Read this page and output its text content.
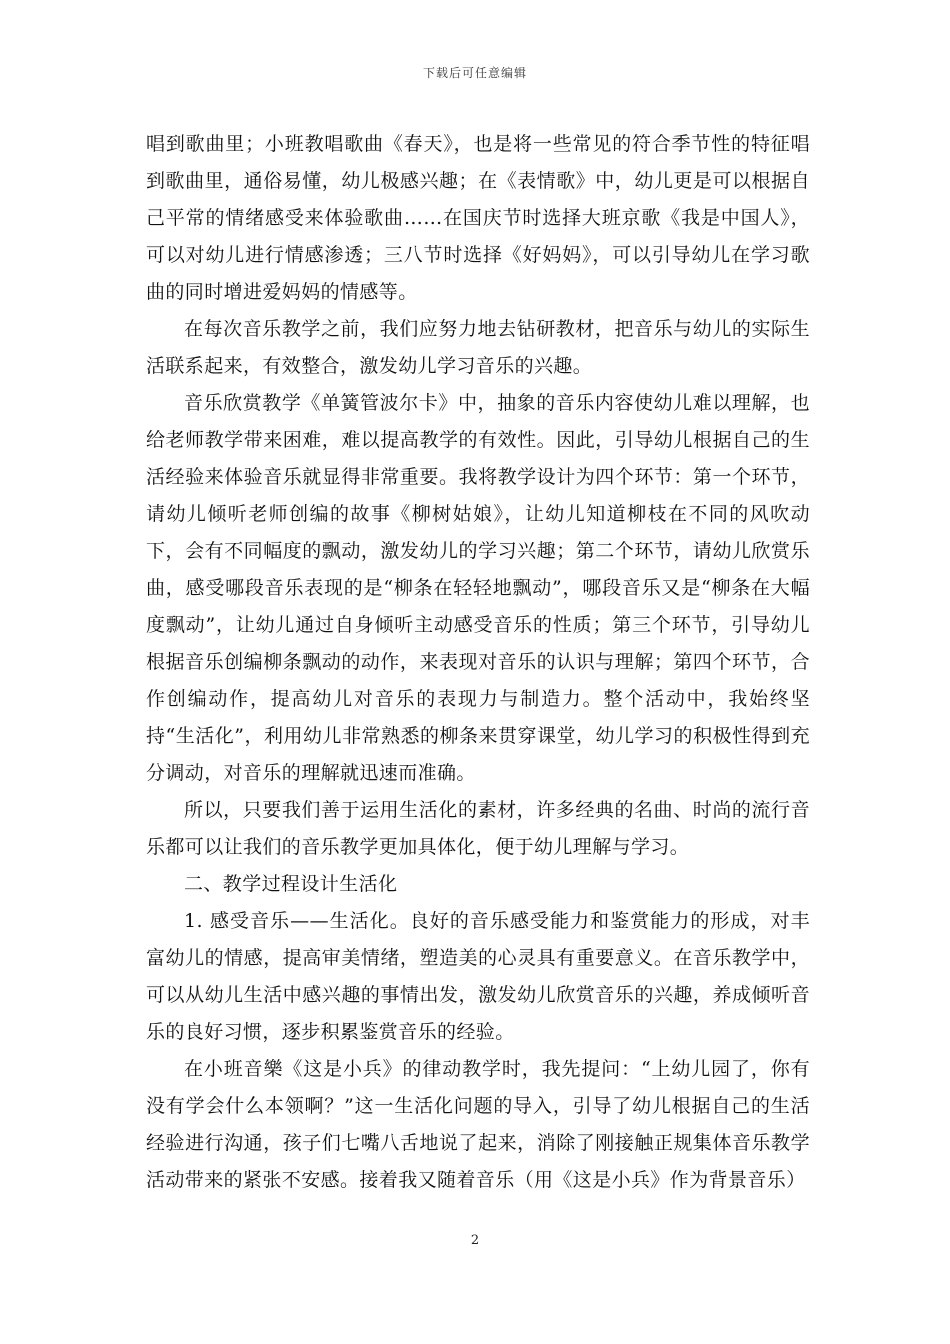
下载后可任意编辑

唱到歌曲里；小班教唱歌曲《春天》，也是将一些常见的符合季节性的特征唱到歌曲里，通俗易懂，幼儿极感兴趣；在《表情歌》中，幼儿更是可以根据自己平常的情绪感受来体验歌曲……在国庆节时选择大班京歌《我是中国人》，可以对幼儿进行情感渗透；三八节时选择《好妈妈》，可以引导幼儿在学习歌曲的同时增进爱妈妈的情感等。

在每次音乐教学之前，我们应努力地去钻研教材，把音乐与幼儿的实际生活联系起来，有效整合，激发幼儿学习音乐的兴趣。

音乐欣赏教学《单簧管波尔卡》中，抽象的音乐内容使幼儿难以理解，也给老师教学带来困难，难以提高教学的有效性。因此，引导幼儿根据自己的生活经验来体验音乐就显得非常重要。我将教学设计为四个环节：第一个环节，请幼儿倾听老师创编的故事《柳树姑娘》，让幼儿知道柳枝在不同的风吹动下，会有不同幅度的飘动，激发幼儿的学习兴趣；第二个环节，请幼儿欣赏乐曲，感受哪段音乐表现的是“柳条在轻轻地飘动”，哪段音乐又是“柳条在大幅度飘动”，让幼儿通过自身倾听主动感受音乐的性质；第三个环节，引导幼儿根据音乐创编柳条飘动的动作，来表现对音乐的认识与理解；第四个环节，合作创编动作，提高幼儿对音乐的表现力与制造力。整个活动中，我始终坚持“生活化”，利用幼儿非常熟悉的柳条来贯穿课堂，幼儿学习的积极性得到充分调动，对音乐的理解就迅速而准确。

所以，只要我们善于运用生活化的素材，许多经典的名曲、时尚的流行音乐都可以让我们的音乐教学更加具体化，便于幼儿理解与学习。

二、教学过程设计生活化

1. 感受音乐——生活化。良好的音乐感受能力和鉴赏能力的形成，对丰富幼儿的情感，提高审美情绪，塑造美的心灵具有重要意义。在音乐教学中，可以从幼儿生活中感兴趣的事情出发，激发幼儿欣赏音乐的兴趣，养成倾听音乐的良好习惯，逐步积累鉴赏音乐的经验。

在小班音樂《这是小兵》的律动教学时，我先提问：“上幼儿园了，你有没有学会什么本领啊？”这一生活化问题的导入，引导了幼儿根据自己的生活经验进行沟通，孩子们七嘴八舌地说了起来，消除了刚接触正规集体音乐教学活动带来的紧张不安感。接着我又随着音乐（用《这是小兵》作为背景音乐）

2
